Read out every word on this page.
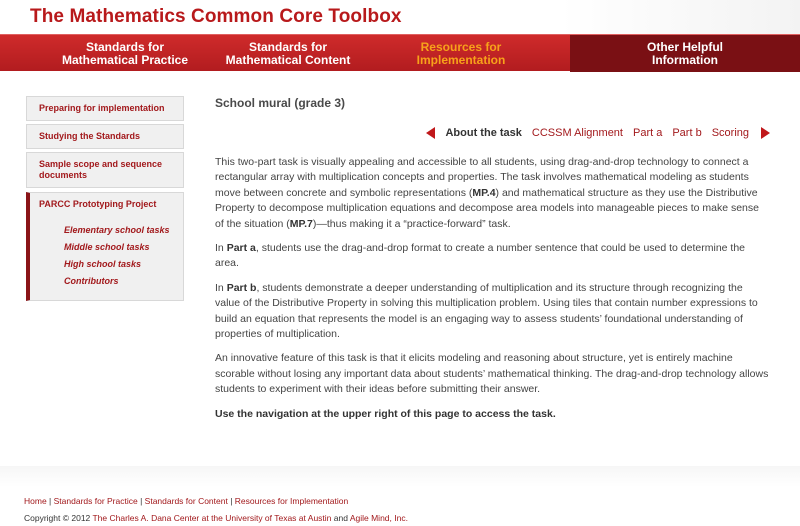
The Mathematics Common Core Toolbox
Standards for
Mathematical Practice
Standards for
Mathematical Content
Resources for
Implementation
Other Helpful
Information
Preparing for implementation
Studying the Standards
Sample scope and sequence documents
PARCC Prototyping Project
Elementary school tasks
Middle school tasks
High school tasks
Contributors
School mural (grade 3)
About the task CCSSM Alignment Part a Part b Scoring

This two-part task is visually appealing and accessible to all students, using drag-and-drop technology to connect a rectangular array with multiplication concepts and properties. The task involves mathematical modeling as students move between concrete and symbolic representations (MP.4) and mathematical structure as they use the Distributive Property to decompose multiplication equations and decompose area models into manageable pieces to make sense of the situation (MP.7)—thus making it a “practice-forward” task.

In Part a, students use the drag-and-drop format to create a number sentence that could be used to determine the area.

In Part b, students demonstrate a deeper understanding of multiplication and its structure through recognizing the value of the Distributive Property in solving this multiplication problem. Using tiles that contain number expressions to build an equation that represents the model is an engaging way to assess students’ foundational understanding of properties of multiplication.

An innovative feature of this task is that it elicits modeling and reasoning about structure, yet is entirely machine scorable without losing any important data about students’ mathematical thinking. The drag-and-drop technology allows students to experiment with their ideas before submitting their answer.

Use the navigation at the upper right of this page to access the task.

Home | Standards for Practice | Standards for Content | Resources for Implementation
Copyright © 2012 The Charles A. Dana Center at the University of Texas at Austin and Agile Mind, Inc.
